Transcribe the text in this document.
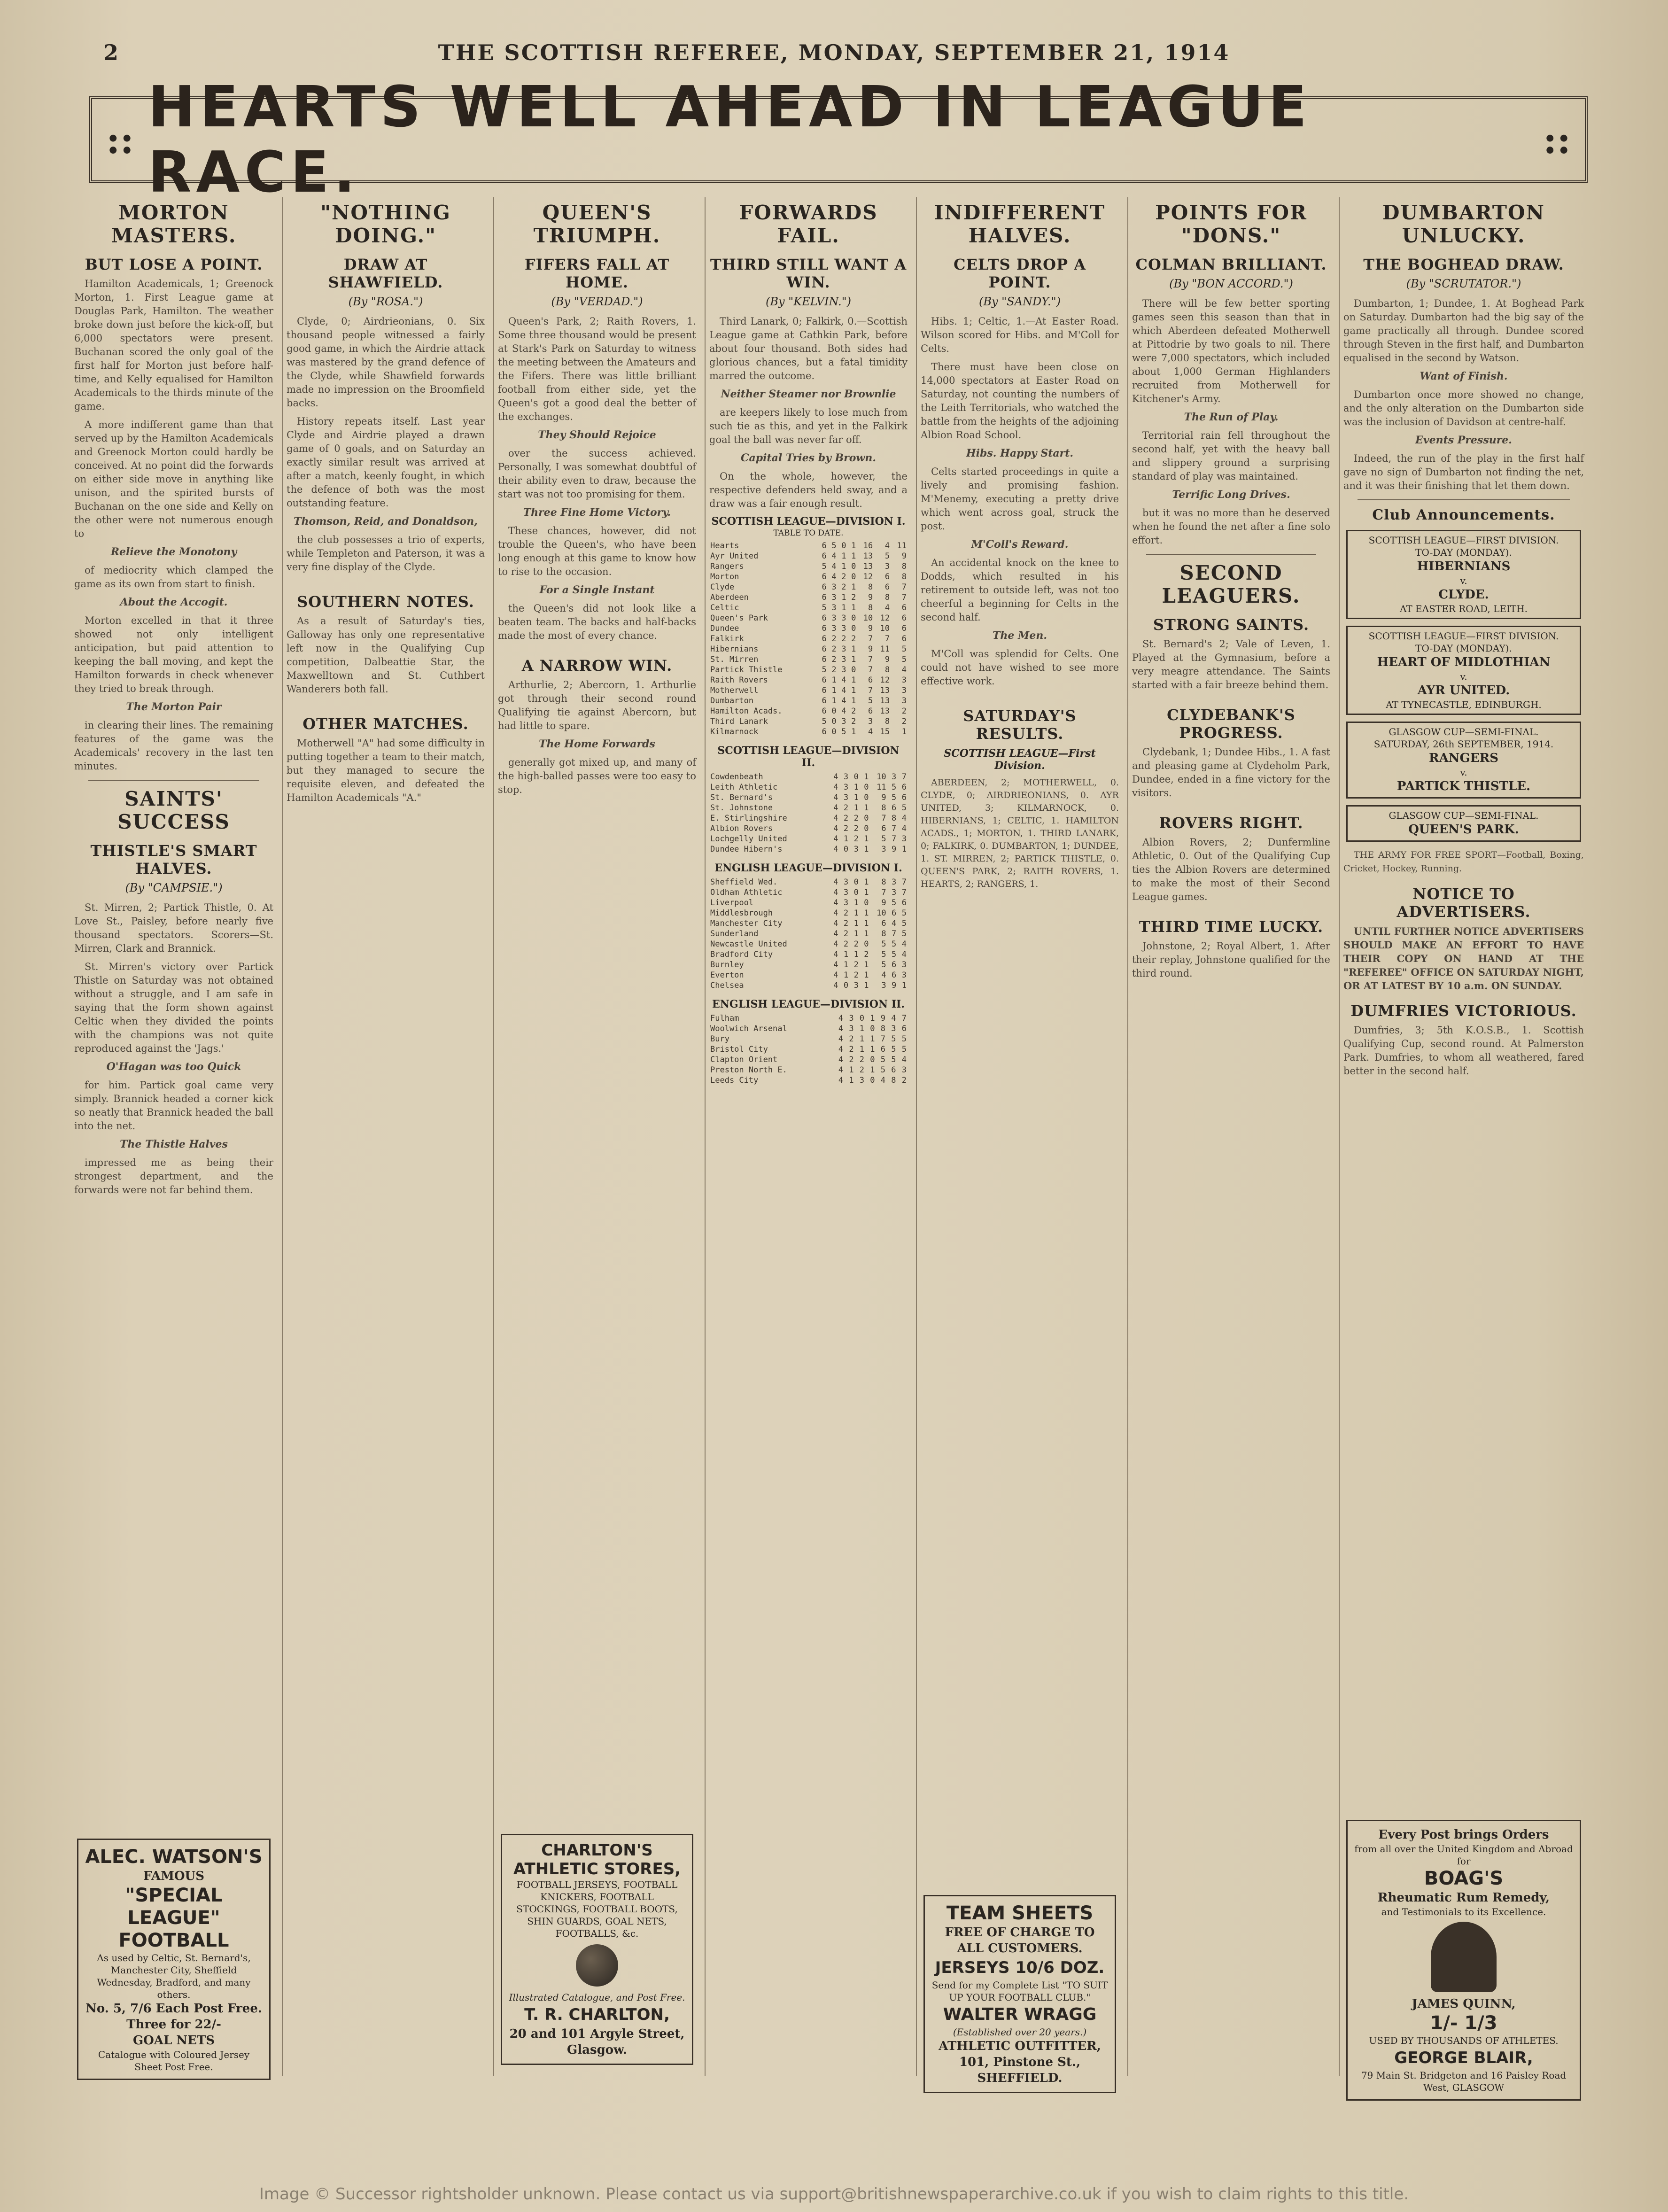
2	THE SCOTTISH REFEREE, MONDAY, SEPTEMBER 21, 1914
:: HEARTS WELL AHEAD IN LEAGUE RACE.	::
MORTON MASTERS.
BUT LOSE A POINT.

Hamilton Academicals, 1; Greenock Morton, 1. First League game at Douglas Park, Hamilton. The weather broke down just before the kick-off, but 6,000 spectators were present. Buchanan scored the only goal of the first half for Morton just before half-time, and Kelly equalised for Hamilton Academicals to the thirds minute of the game.

A more indifferent game than that served up by the Hamilton Academicals and Greenock Morton could hardly be conceived. At no point did the forwards on either side move in anything like unison, and the spirited bursts of Buchanan on the one side and Kelly on the other were not numerous enough to

Relieve the Monotony

of mediocrity which clamped the game as its own from start to finish.

About the Accogit.

Morton excelled in that it three showed not only intelligent anticipation, but paid attention to keeping the ball moving, and kept the Hamilton forwards in check whenever they tried to break through.

The Morton Pair

in clearing their lines. The remaining features of the game was the Academicals' recovery in the last ten minutes.

SAINTS' SUCCESS
THISTLE'S SMART HALVES.
(By "CAMPSIE.")

St. Mirren, 2; Partick Thistle, 0. At Love St., Paisley, before nearly five thousand spectators. Scorers—St. Mirren, Clark and Brannick.

St. Mirren's victory over Partick Thistle on Saturday was not obtained without a struggle, and I am safe in saying that the form shown against Celtic when they divided the points with the champions was not quite reproduced against the 'Jags.'

O'Hagan was too Quick

for him. Partick goal came very simply. Brannick headed a corner kick so neatly that Brannick headed the ball into the net.

The Thistle Halves

impressed me as being their strongest department, and the forwards were not far behind them.

ALEC. WATSON'S
FAMOUS
"SPECIAL
LEAGUE"
FOOTBALL
As used by Celtic, St. Bernard's, Manchester City, Sheffield Wednesday, Bradford, and many others.
No. 5, 7/6 Each Post Free.
Three for 22/-
GOAL NETS
Catalogue with Coloured Jersey Sheet Post Free.
"NOTHING DOING."
DRAW AT SHAWFIELD.
(By "ROSA.")

Clyde, 0; Airdrieonians, 0. Six thousand people witnessed a fairly good game, in which the Airdrie attack was mastered by the grand defence of the Clyde, while Shawfield forwards made no impression on the Broomfield backs.

History repeats itself. Last year Clyde and Airdrie played a drawn game of 0 goals, and on Saturday an exactly similar result was arrived at after a match, keenly fought, in which the defence of both was the most outstanding feature.

Thomson, Reid, and Donaldson,

the club possesses a trio of experts, while Templeton and Paterson, it was a very fine display of the Clyde.

SOUTHERN NOTES.

As a result of Saturday's ties, Galloway has only one representative left now in the Qualifying Cup competition, Dalbeattie Star, the Maxwelltown and St. Cuthbert Wanderers both fall.

OTHER MATCHES.

Motherwell "A" had some difficulty in putting together a team to their match, but they managed to secure the requisite eleven, and defeated the Hamilton Academicals "A."

QUEEN'S TRIUMPH.
FIFERS FALL AT HOME.
(By "VERDAD.")

Queen's Park, 2; Raith Rovers, 1. Some three thousand would be present at Stark's Park on Saturday to witness the meeting between the Amateurs and the Fifers. There was little brilliant football from either side, yet the Queen's got a good deal the better of the exchanges.

They Should Rejoice

over the success achieved. Personally, I was somewhat doubtful of their ability even to draw, because the start was not too promising for them.

Three Fine Home Victory.

These chances, however, did not trouble the Queen's, who have been long enough at this game to know how to rise to the occasion.

For a Single Instant

the Queen's did not look like a beaten team. The backs and half-backs made the most of every chance.

A NARROW WIN.

Arthurlie, 2; Abercorn, 1. Arthurlie got through their second round Qualifying tie against Abercorn, but had little to spare.

The Home Forwards

generally got mixed up, and many of the high-balled passes were too easy to stop.

CHARLTON'S ATHLETIC STORES,
FOOTBALL JERSEYS, FOOTBALL KNICKERS, FOOTBALL STOCKINGS, FOOTBALL BOOTS, SHIN GUARDS, GOAL NETS, FOOTBALLS, &c.
Illustrated Catalogue, and Post Free.
T. R. CHARLTON,
20 and 101 Argyle Street, Glasgow.
FORWARDS FAIL.
THIRD STILL WANT A WIN.
(By "KELVIN.")

Third Lanark, 0; Falkirk, 0.—Scottish League game at Cathkin Park, before about four thousand. Both sides had glorious chances, but a fatal timidity marred the outcome.

Neither Steamer nor Brownlie

are keepers likely to lose much from such tie as this, and yet in the Falkirk goal the ball was never far off.

Capital Tries by Brown.

On the whole, however, the respective defenders held sway, and a draw was a fair enough result.

SCOTTISH LEAGUE—DIVISION I.
TABLE TO DATE.
Hearts	6	5	0	1	16	4	11
Ayr United	6	4	1	1	13	5	9
Rangers	5	4	1	0	13	3	8
Morton	6	4	2	0	12	6	8
Clyde	6	3	2	1	8	6	7
Aberdeen	6	3	1	2	9	8	7
Celtic	5	3	1	1	8	4	6
Queen's Park	6	3	3	0	10	12	6
Dundee	6	3	3	0	9	10	6
Falkirk	6	2	2	2	7	7	6
Hibernians	6	2	3	1	9	11	5
St. Mirren	6	2	3	1	7	9	5
Partick Thistle	5	2	3	0	7	8	4
Raith Rovers	6	1	4	1	6	12	3
Motherwell	6	1	4	1	7	13	3
Dumbarton	6	1	4	1	5	13	3
Hamilton Acads.	6	0	4	2	6	13	2
Third Lanark	5	0	3	2	3	8	2
Kilmarnock	6	0	5	1	4	15	1
SCOTTISH LEAGUE—DIVISION II.
Cowdenbeath	4	3	0	1	10	3	7
Leith Athletic	4	3	1	0	11	5	6
St. Bernard's	4	3	1	0	9	5	6
St. Johnstone	4	2	1	1	8	6	5
E. Stirlingshire	4	2	2	0	7	8	4
Albion Rovers	4	2	2	0	6	7	4
Lochgelly United	4	1	2	1	5	7	3
Dundee Hibern's	4	0	3	1	3	9	1
ENGLISH LEAGUE—DIVISION I.
Sheffield Wed.	4	3	0	1	8	3	7
Oldham Athletic	4	3	0	1	7	3	7
Liverpool	4	3	1	0	9	5	6
Middlesbrough	4	2	1	1	10	6	5
Manchester City	4	2	1	1	6	4	5
Sunderland	4	2	1	1	8	7	5
Newcastle United	4	2	2	0	5	5	4
Bradford City	4	1	1	2	5	5	4
Burnley	4	1	2	1	5	6	3
Everton	4	1	2	1	4	6	3
Chelsea	4	0	3	1	3	9	1
ENGLISH LEAGUE—DIVISION II.
Fulham	4	3	0	1	9	4	7
Woolwich Arsenal	4	3	1	0	8	3	6
Bury	4	2	1	1	7	5	5
Bristol City	4	2	1	1	6	5	5
Clapton Orient	4	2	2	0	5	5	4
Preston North E.	4	1	2	1	5	6	3
Leeds City	4	1	3	0	4	8	2
INDIFFERENT HALVES.
CELTS DROP A POINT.
(By "SANDY.")

Hibs. 1; Celtic, 1.—At Easter Road. Wilson scored for Hibs. and M'Coll for Celts.

There must have been close on 14,000 spectators at Easter Road on Saturday, not counting the numbers of the Leith Territorials, who watched the battle from the heights of the adjoining Albion Road School.

Hibs. Happy Start.

Celts started proceedings in quite a lively and promising fashion. M'Menemy, executing a pretty drive which went across goal, struck the post.

M'Coll's Reward.

An accidental knock on the knee to Dodds, which resulted in his retirement to outside left, was not too cheerful a beginning for Celts in the second half.

The Men.

M'Coll was splendid for Celts. One could not have wished to see more effective work.

SATURDAY'S RESULTS.
SCOTTISH LEAGUE—First Division.

ABERDEEN, 2; MOTHERWELL, 0. CLYDE, 0; AIRDRIEONIANS, 0. AYR UNITED, 3; KILMARNOCK, 0. HIBERNIANS, 1; CELTIC, 1. HAMILTON ACADS., 1; MORTON, 1. THIRD LANARK, 0; FALKIRK, 0. DUMBARTON, 1; DUNDEE, 1. ST. MIRREN, 2; PARTICK THISTLE, 0. QUEEN'S PARK, 2; RAITH ROVERS, 1. HEARTS, 2; RANGERS, 1.

TEAM SHEETS
FREE OF CHARGE TO ALL CUSTOMERS.
JERSEYS 10/6 DOZ.
Send for my Complete List "TO SUIT UP YOUR FOOTBALL CLUB."
WALTER WRAGG
(Established over 20 years.)
ATHLETIC OUTFITTER,
101, Pinstone St., SHEFFIELD.
POINTS FOR "DONS."
COLMAN BRILLIANT.
(By "BON ACCORD.")

There will be few better sporting games seen this season than that in which Aberdeen defeated Motherwell at Pittodrie by two goals to nil. There were 7,000 spectators, which included about 1,000 German Highlanders recruited from Motherwell for Kitchener's Army.

The Run of Play.

Territorial rain fell throughout the second half, yet with the heavy ball and slippery ground a surprising standard of play was maintained.

Terrific Long Drives.

but it was no more than he deserved when he found the net after a fine solo effort.

SECOND LEAGUERS.
STRONG SAINTS.

St. Bernard's 2; Vale of Leven, 1. Played at the Gymnasium, before a very meagre attendance. The Saints started with a fair breeze behind them.

CLYDEBANK'S PROGRESS.

Clydebank, 1; Dundee Hibs., 1. A fast and pleasing game at Clydeholm Park, Dundee, ended in a fine victory for the visitors.

ROVERS RIGHT.

Albion Rovers, 2; Dunfermline Athletic, 0. Out of the Qualifying Cup ties the Albion Rovers are determined to make the most of their Second League games.

THIRD TIME LUCKY.

Johnstone, 2; Royal Albert, 1. After their replay, Johnstone qualified for the third round.

DUMBARTON UNLUCKY.
THE BOGHEAD DRAW.
(By "SCRUTATOR.")

Dumbarton, 1; Dundee, 1. At Boghead Park on Saturday. Dumbarton had the big say of the game practically all through. Dundee scored through Steven in the first half, and Dumbarton equalised in the second by Watson.

Want of Finish.

Dumbarton once more showed no change, and the only alteration on the Dumbarton side was the inclusion of Davidson at centre-half.

Events Pressure.

Indeed, the run of the play in the first half gave no sign of Dumbarton not finding the net, and it was their finishing that let them down.

Club Announcements.
SCOTTISH LEAGUE—FIRST DIVISION.
TO-DAY (MONDAY).
HIBERNIANS
v.
CLYDE.
AT EASTER ROAD, LEITH.
SCOTTISH LEAGUE—FIRST DIVISION.
TO-DAY (MONDAY).
HEART OF MIDLOTHIAN
v.
AYR UNITED.
AT TYNECASTLE, EDINBURGH.
GLASGOW CUP—SEMI-FINAL.
SATURDAY, 26th SEPTEMBER, 1914.
RANGERS
v.
PARTICK THISTLE.
GLASGOW CUP—SEMI-FINAL.
QUEEN'S PARK.

THE ARMY FOR FREE SPORT—Football, Boxing, Cricket, Hockey, Running.

NOTICE TO ADVERTISERS.

UNTIL FURTHER NOTICE ADVERTISERS SHOULD MAKE AN EFFORT TO HAVE THEIR COPY ON HAND AT THE "REFEREE" OFFICE ON SATURDAY NIGHT, OR AT LATEST BY 10 a.m. ON SUNDAY.

DUMFRIES VICTORIOUS.

Dumfries, 3; 5th K.O.S.B., 1. Scottish Qualifying Cup, second round. At Palmerston Park. Dumfries, to whom all weathered, fared better in the second half.

Every Post brings Orders
from all over the United Kingdom and Abroad for
BOAG'S
Rheumatic Rum Remedy,
and Testimonials to its Excellence.
JAMES QUINN,
1/- 1/3
USED BY THOUSANDS OF ATHLETES.
GEORGE BLAIR,
79 Main St. Bridgeton and 16 Paisley Road West, GLASGOW
Image © Successor rightsholder unknown. Please contact us via support@britishnewspaperarchive.co.uk if you wish to claim rights to this title.
